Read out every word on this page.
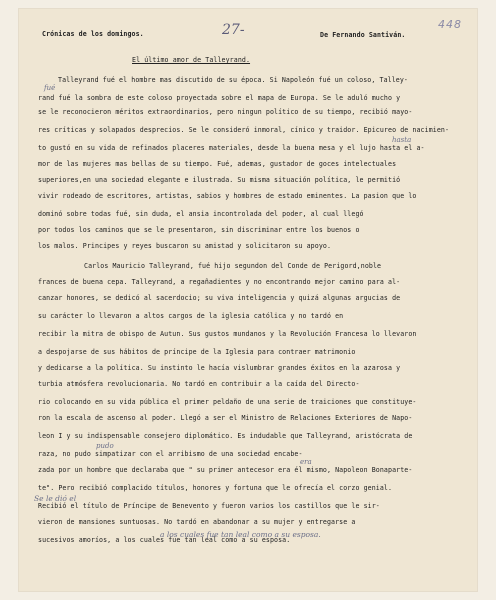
Crónicas de los domingos.	27-	De Fernando Santiván.
448
El último amor de Talleyrand.
Talleyrand fué el hombre mas discutido de su época. Si Napoleón fué un coloso, Talley-
rand fué la sombra de este coloso proyectada sobre el mapa de Europa. Se le aduló mucho y
se le reconocieron méritos extraordinarios, pero ningun político de su tiempo, recibió mayo-
res críticas y solapados desprecios. Se le consideró inmoral, cínico y traidor. Epicureo de nacimien-
to gustó en su vida de refinados placeres materiales, desde la buena mesa y el lujo hasta el a-
mor de las mujeres mas bellas de su tiempo. Fué, ademas, gustador de goces intelectuales
superiores,en una sociedad elegante e ilustrada. Su misma situación política, le permitió
vivir rodeado de escritores, artistas, sabios y hombres de estado eminentes. La pasion que lo
dominó sobre todas fué, sin duda, el ansia incontrolada del poder, al cual llegó
por todos los caminos que se le presentaron, sin discriminar entre los buenos o
los malos. Principes y reyes buscaron su amistad y solicitaron su apoyo.
Carlos Mauricio Talleyrand, fué hijo segundon del Conde de Perigord,noble
frances de buena cepa. Talleyrand, a regañadientes y no encontrando mejor camino para al-
canzar honores, se dedicó al sacerdocio; su viva inteligencia y quizá algunas argucias de
su carácter lo llevaron a altos cargos de la iglesia católica y no tardó en
recibir la mitra de obispo de Autun. Sus gustos mundanos y la Revolución Francesa lo llevaron
a despojarse de sus hábitos de príncipe de la Iglesia para contraer matrimonio
y dedicarse a la política. Su instinto le hacía vislumbrar grandes éxitos en la azarosa y
turbia atmósfera revolucionaria. No tardó en contribuir a la caída del Directo-
rio colocando en su vida pública el primer peldaño de una serie de traiciones que constituye-
ron la escala de ascenso al poder. Llegó a ser el Ministro de Relaciones Exteriores de Napo-
leon I y su indispensable consejero diplomático. Es indudable que Talleyrand, aristócrata de
raza, no pudo simpatizar con el arribismo de una sociedad encabe-
zada por un hombre que declaraba que " su primer antecesor era él mismo, Napoleon Bonaparte-
te". Pero recibió complacido títulos, honores y fortuna que le ofrecía el corzo genial.
Recibió el título de Príncipe de Benevento y fueron varios los castillos que le sir-
vieron de mansiones suntuosas. No tardó en abandonar a su mujer y entregarse a
sucesivos amoríos, a los cuales fue tan leal como a su esposa.
fué
hasta
era
pudo
Se le dió el
a los cuales fue tan leal como a su esposa.
